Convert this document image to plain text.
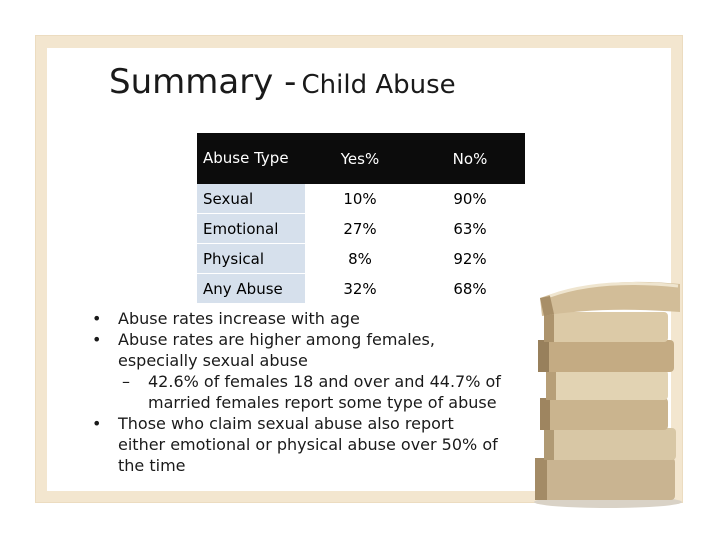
Summary - Child Abuse
Abuse Type	Yes%	No%
Sexual	10%	90%
Emotional	27%	63%
Physical	8%	92%
Any Abuse	32%	68%
• Abuse rates increase with age
• Abuse rates are higher among females,
especially sexual abuse
– 42.6% of females 18 and over and 44.7% of
married females report some type of abuse
• Those who claim sexual abuse also report
either emotional or physical abuse over 50% of
the time
